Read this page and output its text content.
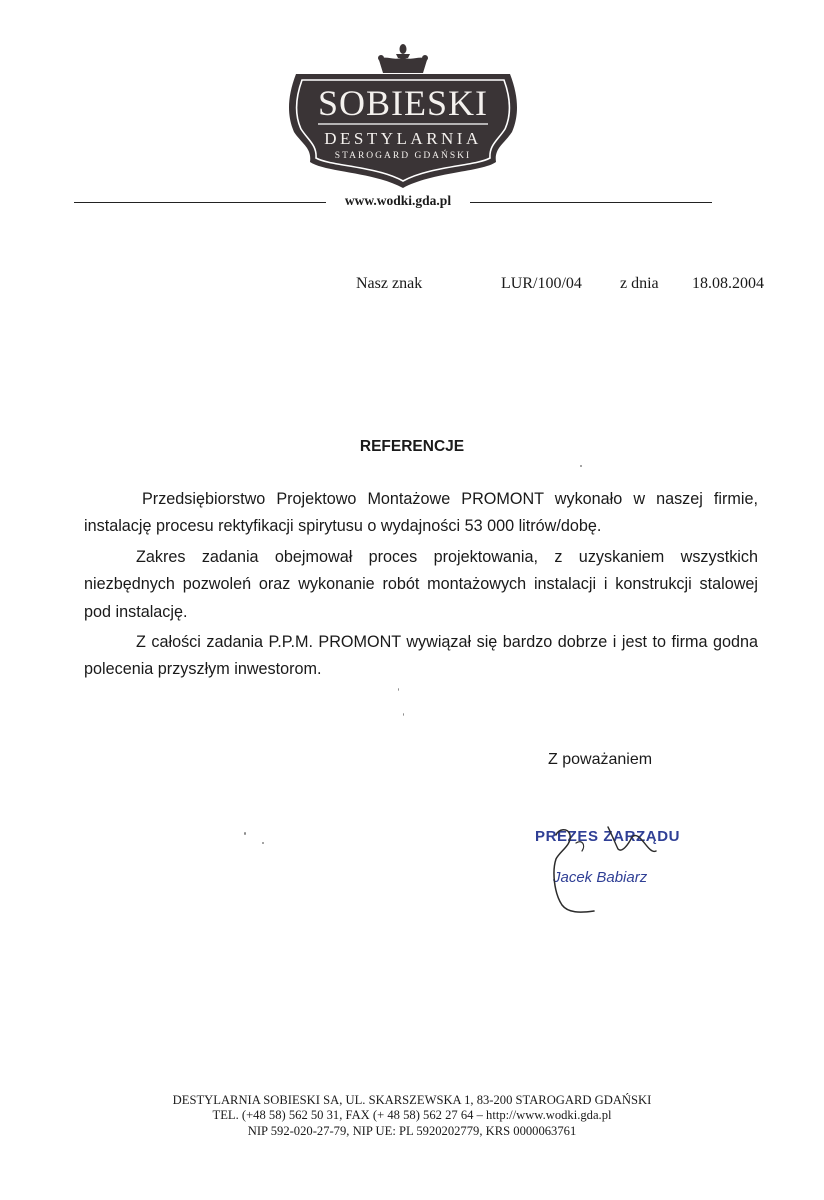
SOBIESKI
DESTYLARNIA
STAROGARD GDAŃSKI
www.wodki.gda.pl
Nasz znak	LUR/100/04 z dnia 18.08.2004
REFERENCJE

Przedsiębiorstwo Projektowo Montażowe PROMONT wykonało w naszej firmie, instalację procesu rektyfikacji spirytusu o wydajności 53 000 litrów/dobę.

Zakres zadania obejmował proces projektowania, z uzyskaniem wszystkich niezbędnych pozwoleń oraz wykonanie robót montażowych instalacji i konstrukcji stalowej pod instalację.

Z całości zadania P.P.M. PROMONT wywiązał się bardzo dobrze i jest to firma godna polecenia przyszłym inwestorom.

Z poważaniem
PREZES ZARZĄDU
Jacek Babiarz
DESTYLARNIA SOBIESKI SA, UL. SKARSZEWSKA 1, 83-200 STAROGARD GDAŃSKI
TEL. (+48 58) 562 50 31, FAX (+ 48 58) 562 27 64 – http://www.wodki.gda.pl
NIP 592-020-27-79, NIP UE: PL 5920202779, KRS 0000063761
